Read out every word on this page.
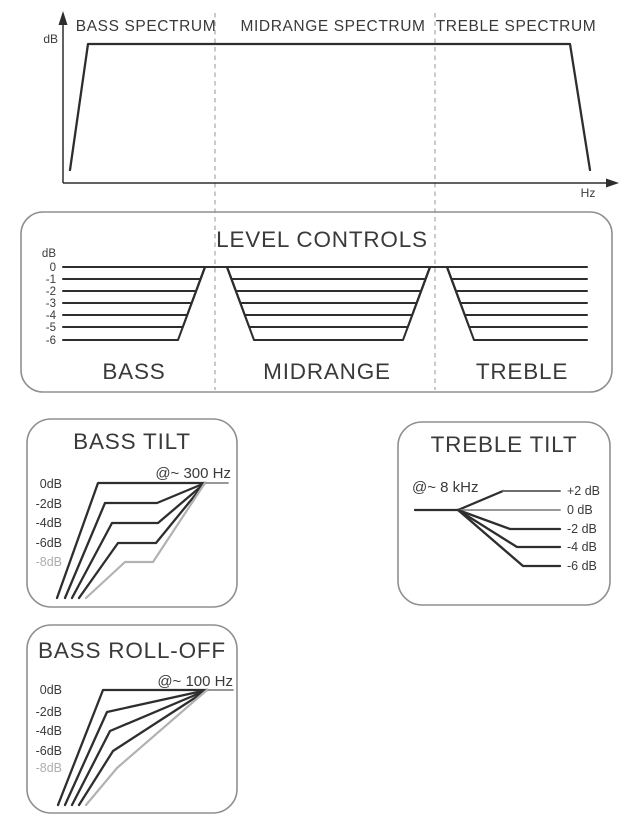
dB
Hz
BASS SPECTRUM MIDRANGE SPECTRUM TREBLE SPECTRUM
LEVEL CONTROLS
dB
0
-1
-2
-3
-4
-5
-6
BASS	MIDRANGE	TREBLE
BASS TILT
@~ 300 Hz
0dB
-2dB
-4dB
-6dB
-8dB
TREBLE TILT
@~ 8 kHz	+2 dB
0 dB
-2 dB
-4 dB
-6 dB
BASS ROLL-OFF
@~ 100 Hz
0dB
-2dB
-4dB
-6dB
-8dB
